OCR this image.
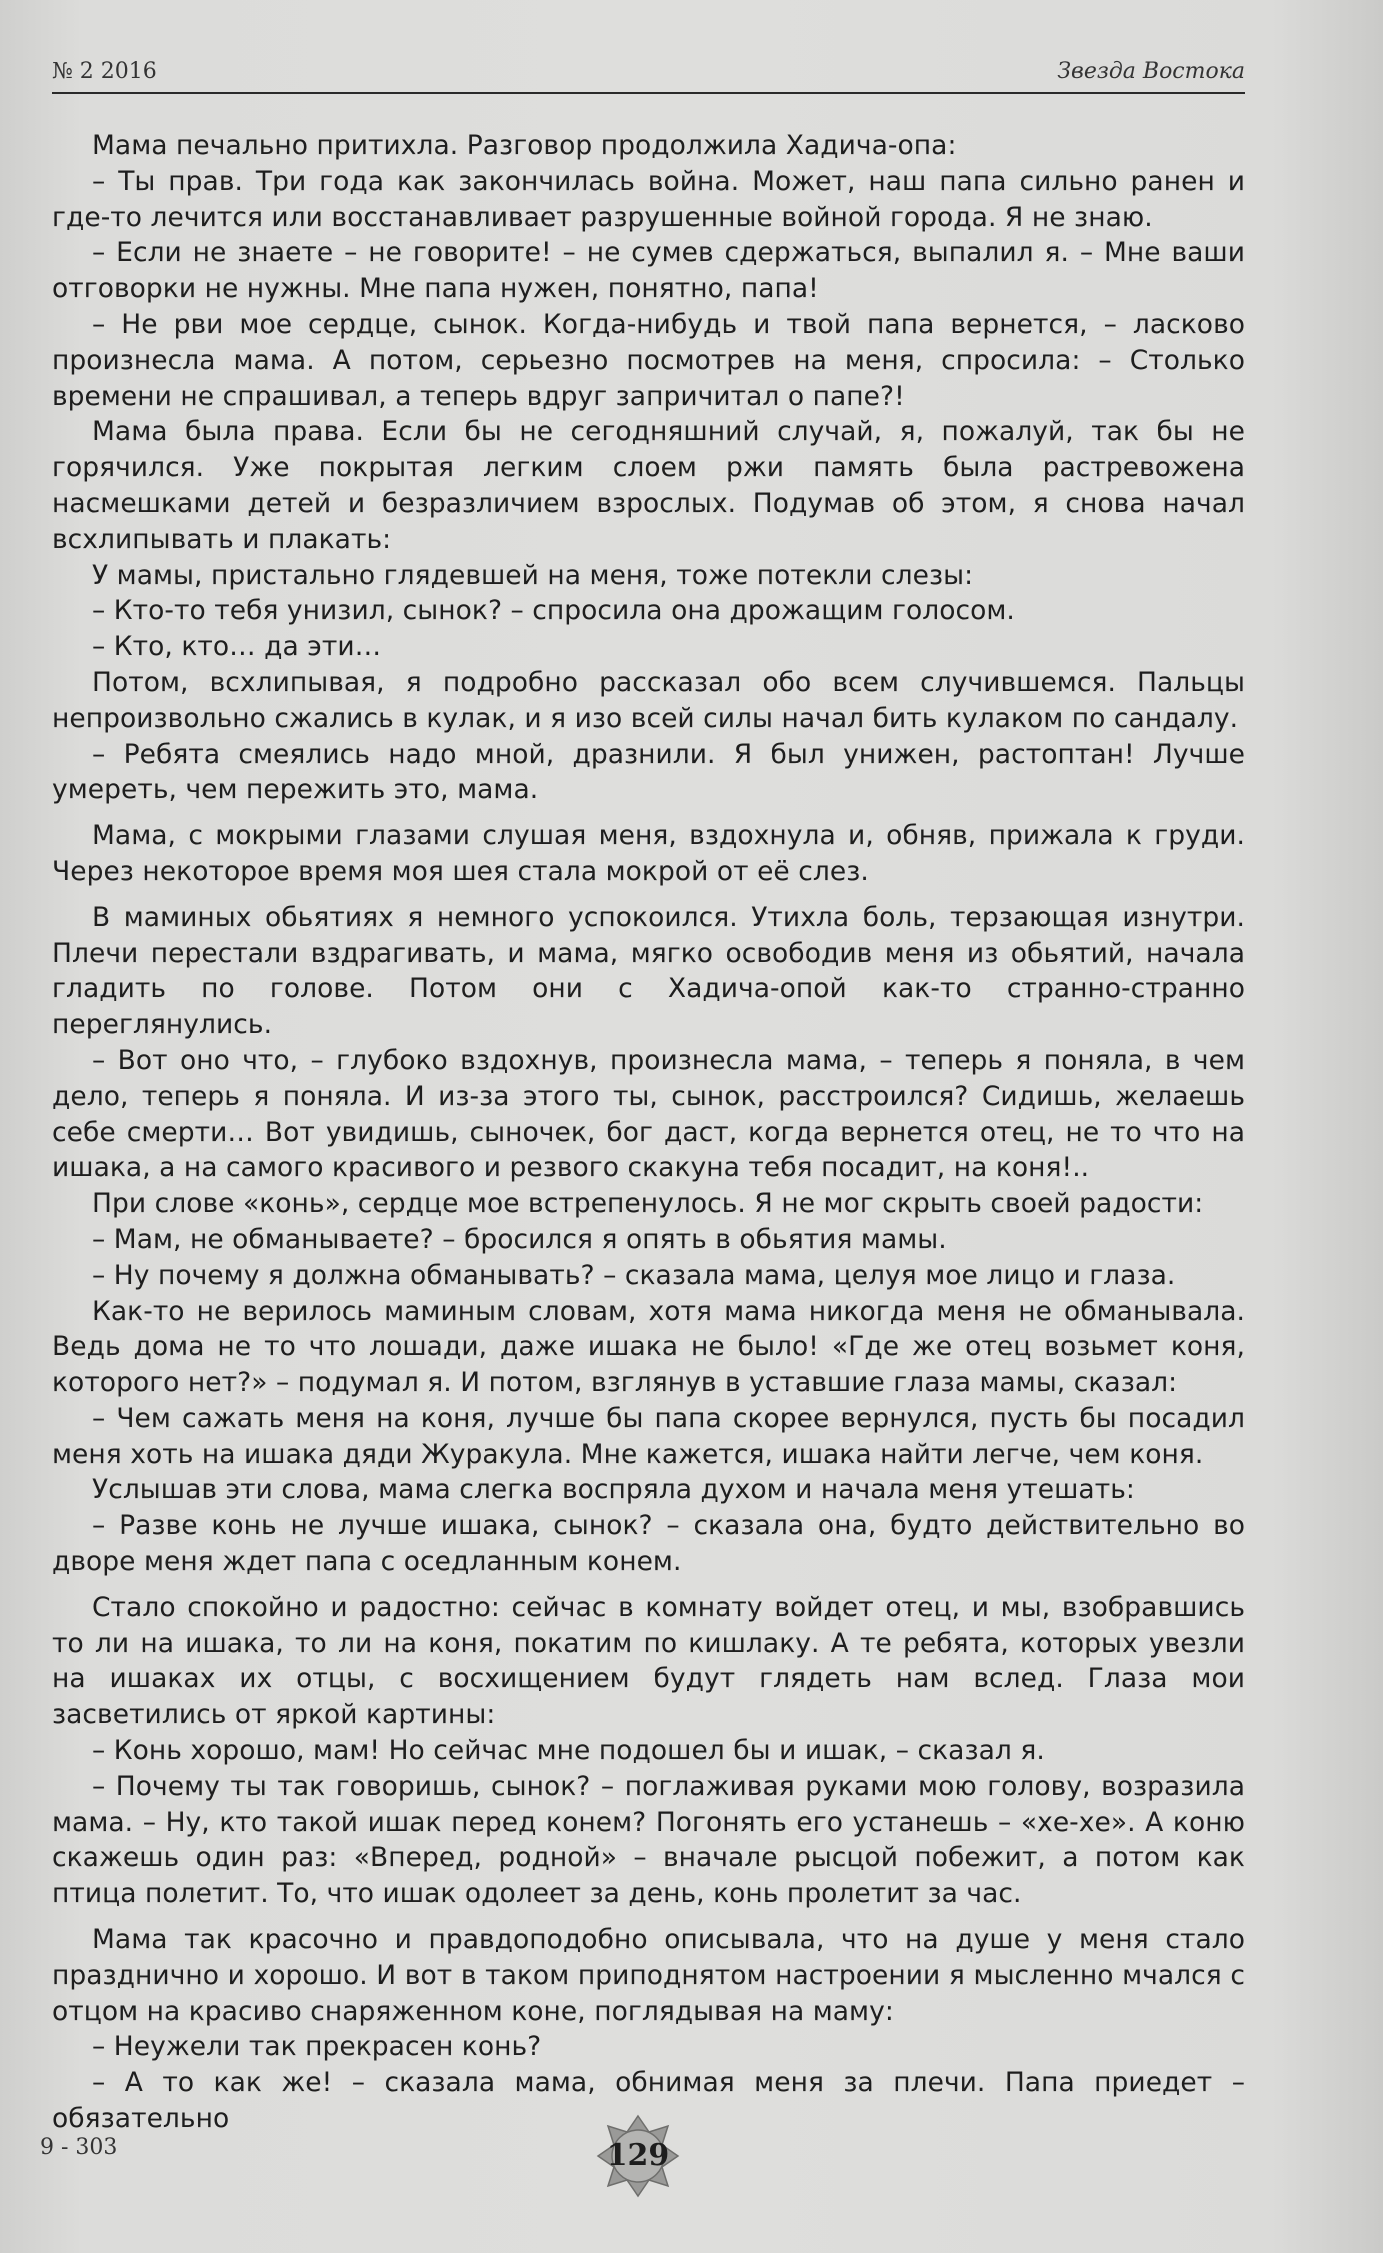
№ 2 2016	Звезда Востока

Мама печально притихла. Разговор продолжила Хадича-опа:

– Ты прав. Три года как закончилась война. Может, наш папа сильно ранен и где-то лечится или восстанавливает разрушенные войной города. Я не знаю.

– Если не знаете – не говорите! – не сумев сдержаться, выпалил я. – Мне ваши отговорки не нужны. Мне папа нужен, понятно, папа!

– Не рви мое сердце, сынок. Когда-нибудь и твой папа вернется, – ласково произнесла мама. А потом, серьезно посмотрев на меня, спросила: – Столько времени не спрашивал, а теперь вдруг запричитал о папе?!

Мама была права. Если бы не сегодняшний случай, я, пожалуй, так бы не горячился. Уже покрытая легким слоем ржи память была растревожена насмешками детей и безразличием взрослых. Подумав об этом, я снова начал всхлипывать и плакать:

У мамы, пристально глядевшей на меня, тоже потекли слезы:

– Кто-то тебя унизил, сынок? – спросила она дрожащим голосом.

– Кто, кто… да эти…

Потом, всхлипывая, я подробно рассказал обо всем случившемся. Пальцы непроизвольно сжались в кулак, и я изо всей силы начал бить кулаком по сандалу.

– Ребята смеялись надо мной, дразнили. Я был унижен, растоптан! Лучше умереть, чем пережить это, мама.

Мама, с мокрыми глазами слушая меня, вздохнула и, обняв, прижала к груди. Через некоторое время моя шея стала мокрой от её слез.

В маминых обьятиях я немного успокоился. Утихла боль, терзающая изнутри. Плечи перестали вздрагивать, и мама, мягко освободив меня из обьятий, начала гладить по голове. Потом они с Хадича-опой как-то странно-странно переглянулись.

– Вот оно что, – глубоко вздохнув, произнесла мама, – теперь я поняла, в чем дело, теперь я поняла. И из-за этого ты, сынок, расстроился? Сидишь, желаешь себе смерти… Вот увидишь, сыночек, бог даст, когда вернется отец, не то что на ишака, а на самого красивого и резвого скакуна тебя посадит, на коня!..

При слове «конь», сердце мое встрепенулось. Я не мог скрыть своей радости:

– Мам, не обманываете? – бросился я опять в обьятия мамы.

– Ну почему я должна обманывать? – сказала мама, целуя мое лицо и глаза.

Как-то не верилось маминым словам, хотя мама никогда меня не обманывала. Ведь дома не то что лошади, даже ишака не было! «Где же отец возьмет коня, которого нет?» – подумал я. И потом, взглянув в уставшие глаза мамы, сказал:

– Чем сажать меня на коня, лучше бы папа скорее вернулся, пусть бы посадил меня хоть на ишака дяди Журакула. Мне кажется, ишака найти легче, чем коня.

Услышав эти слова, мама слегка воспряла духом и начала меня утешать:

– Разве конь не лучше ишака, сынок? – сказала она, будто действительно во дворе меня ждет папа с оседланным конем.

Стало спокойно и радостно: сейчас в комнату войдет отец, и мы, взобравшись то ли на ишака, то ли на коня, покатим по кишлаку. А те ребята, которых увезли на ишаках их отцы, с восхищением будут глядеть нам вслед. Глаза мои засветились от яркой картины:

– Конь хорошо, мам! Но сейчас мне подошел бы и ишак, – сказал я.

– Почему ты так говоришь, сынок? – поглаживая руками мою голову, возразила мама. – Ну, кто такой ишак перед конем? Погонять его устанешь – «хе-хе». А коню скажешь один раз: «Вперед, родной» – вначале рысцой побежит, а потом как птица полетит. То, что ишак одолеет за день, конь пролетит за час.

Мама так красочно и правдоподобно описывала, что на душе у меня стало празднично и хорошо. И вот в таком приподнятом настроении я мысленно мчался с отцом на красиво снаряженном коне, поглядывая на маму:

– Неужели так прекрасен конь?

– А то как же! – сказала мама, обнимая меня за плечи. Папа приедет – обязательно

9 - 303	129
